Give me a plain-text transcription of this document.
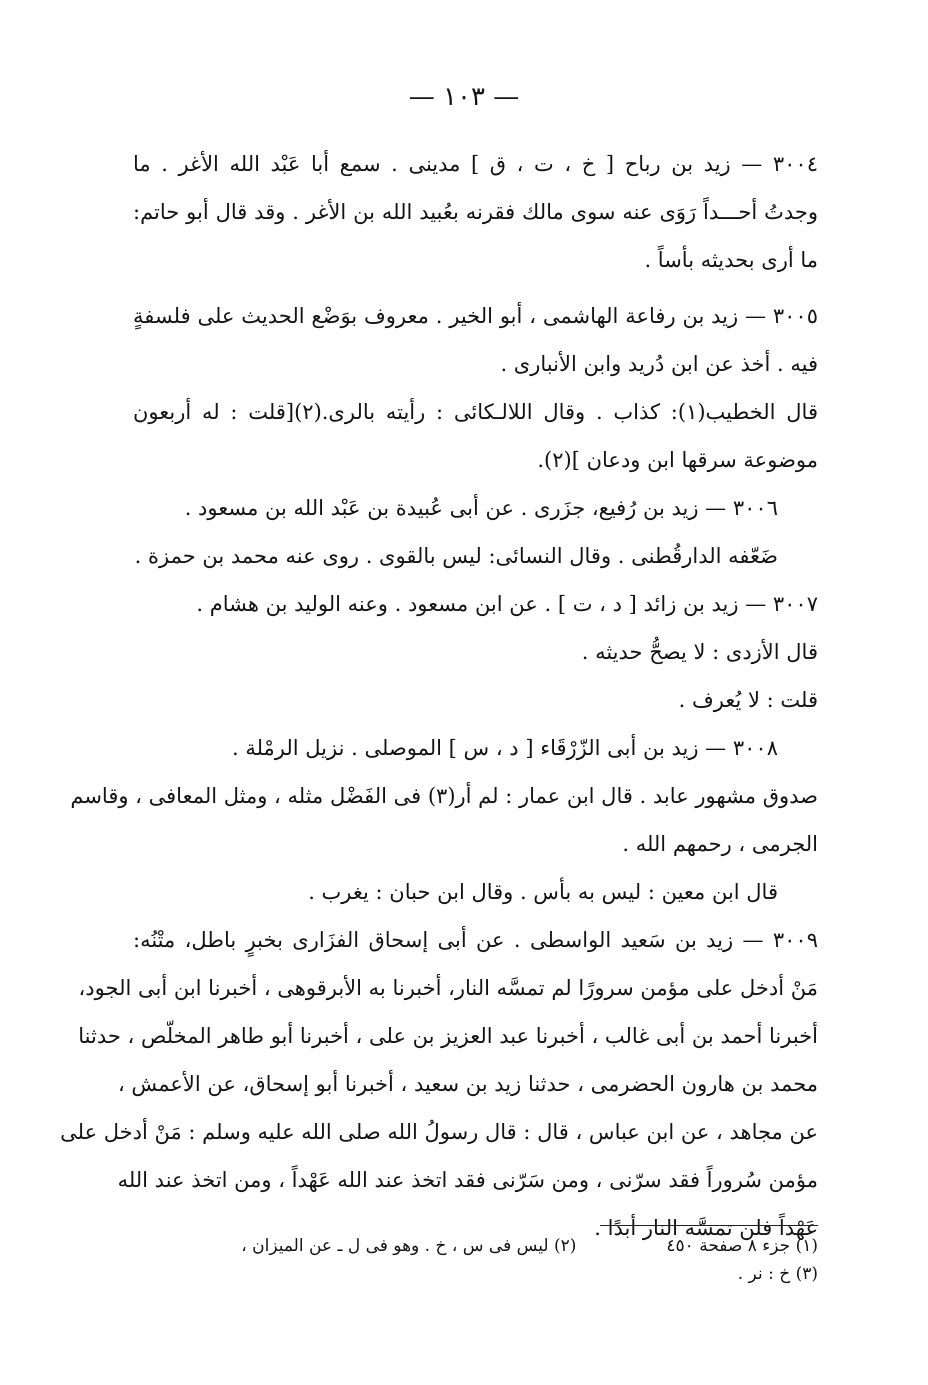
— ١٠٣ —
٣٠٠٤ — زيد بن رباح [ خ ، ت ، ق ] مدينى . سمع أبا عَبْد الله الأغر . ما
وجدتُ أحـــداً رَوَى عنه سوى مالك فقرنه بعُبيد الله بن الأغر . وقد قال أبو حاتم:
ما أرى بحديثه بأساً .
٣٠٠٥ — زيد بن رفاعة الهاشمى ، أبو الخير . معروف بوَضْع الحديث على فلسفةٍ
فيه . أخذ عن ابن دُريد وابن الأنبارى .
قال الخطيب(١): كذاب . وقال اللالـكائى : رأيته بالرى.(٢)[قلت : له أربعون
موضوعة سرقها ابن ودعان ](٢).
٣٠٠٦ — زيد بن رُفيع، جزَرى . عن أبى عُبيدة بن عَبْد الله بن مسعود .
ضَعّفه الدارقُطنى . وقال النسائى: ليس بالقوى . روى عنه محمد بن حمزة .
٣٠٠٧ — زيد بن زائد [ د ، ت ] . عن ابن مسعود . وعنه الوليد بن هشام .
قال الأزدى : لا يصحُّ حديثه .
قلت : لا يُعرف .
٣٠٠٨ — زيد بن أبى الزّرْقَاء [ د ، س ] الموصلى . نزيل الرمْلة .
صدوق مشهور عابد . قال ابن عمار : لم أر(٣) فى الفَضْل مثله ، ومثل المعافى ، وقاسم
الجرمى ، رحمهم الله .
قال ابن معين : ليس به بأس . وقال ابن حبان : يغرب .
٣٠٠٩ — زيد بن سَعيد الواسطى . عن أبى إسحاق الفزَارى بخبرٍ باطل، متْنُه:
مَنْ أدخل على مؤمن سرورًا لم تمسَّه النار، أخبرنا به الأبرقوهى ، أخبرنا ابن أبى الجود،
أخبرنا أحمد بن أبى غالب ، أخبرنا عبد العزيز بن على ، أخبرنا أبو طاهر المخلّص ، حدثنا
محمد بن هارون الحضرمى ، حدثنا زيد بن سعيد ، أخبرنا أبو إسحاق، عن الأعمش ،
عن مجاهد ، عن ابن عباس ، قال : قال رسولُ الله صلى الله عليه وسلم : مَنْ أدخل على
مؤمن سُروراً فقد سرّنى ، ومن سَرّنى فقد اتخذ عند الله عَهْداً ، ومن اتخذ عند الله
عَهْداً فلن تمسَّه النار أبدًا .
(١) جزء ٨ صفحة ٤٥٠
(٢) ليس فى س ، خ . وهو فى ل ـ عن الميزان ،
(٣) خ : نر .
